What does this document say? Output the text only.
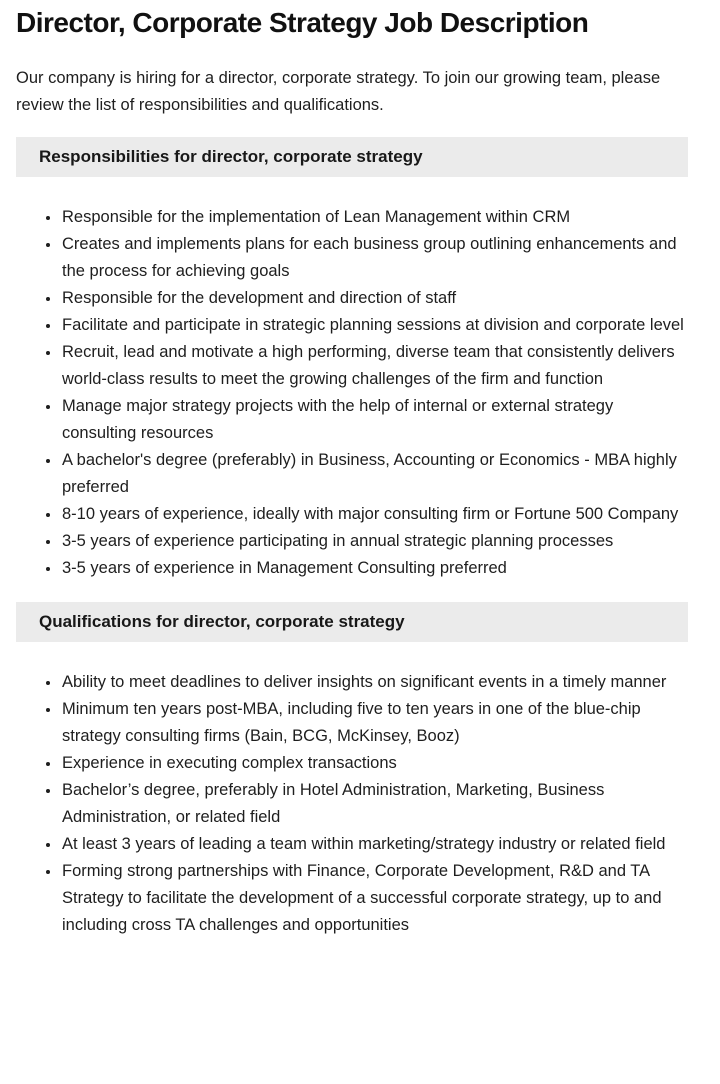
Director, Corporate Strategy Job Description

Our company is hiring for a director, corporate strategy. To join our growing team, please review the list of responsibilities and qualifications.

Responsibilities for director, corporate strategy
• Responsible for the implementation of Lean Management within CRM
• Creates and implements plans for each business group outlining enhancements and the process for achieving goals
• Responsible for the development and direction of staff
• Facilitate and participate in strategic planning sessions at division and corporate level
• Recruit, lead and motivate a high performing, diverse team that consistently delivers world-class results to meet the growing challenges of the firm and function
• Manage major strategy projects with the help of internal or external strategy consulting resources
• A bachelor's degree (preferably) in Business, Accounting or Economics - MBA highly preferred
• 8-10 years of experience, ideally with major consulting firm or Fortune 500 Company
• 3-5 years of experience participating in annual strategic planning processes
• 3-5 years of experience in Management Consulting preferred
Qualifications for director, corporate strategy
• Ability to meet deadlines to deliver insights on significant events in a timely manner
• Minimum ten years post-MBA, including five to ten years in one of the blue-chip strategy consulting firms (Bain, BCG, McKinsey, Booz)
• Experience in executing complex transactions
• Bachelor’s degree, preferably in Hotel Administration, Marketing, Business Administration, or related field
• At least 3 years of leading a team within marketing/strategy industry or related field
• Forming strong partnerships with Finance, Corporate Development, R&D and TA Strategy to facilitate the development of a successful corporate strategy, up to and including cross TA challenges and opportunities
